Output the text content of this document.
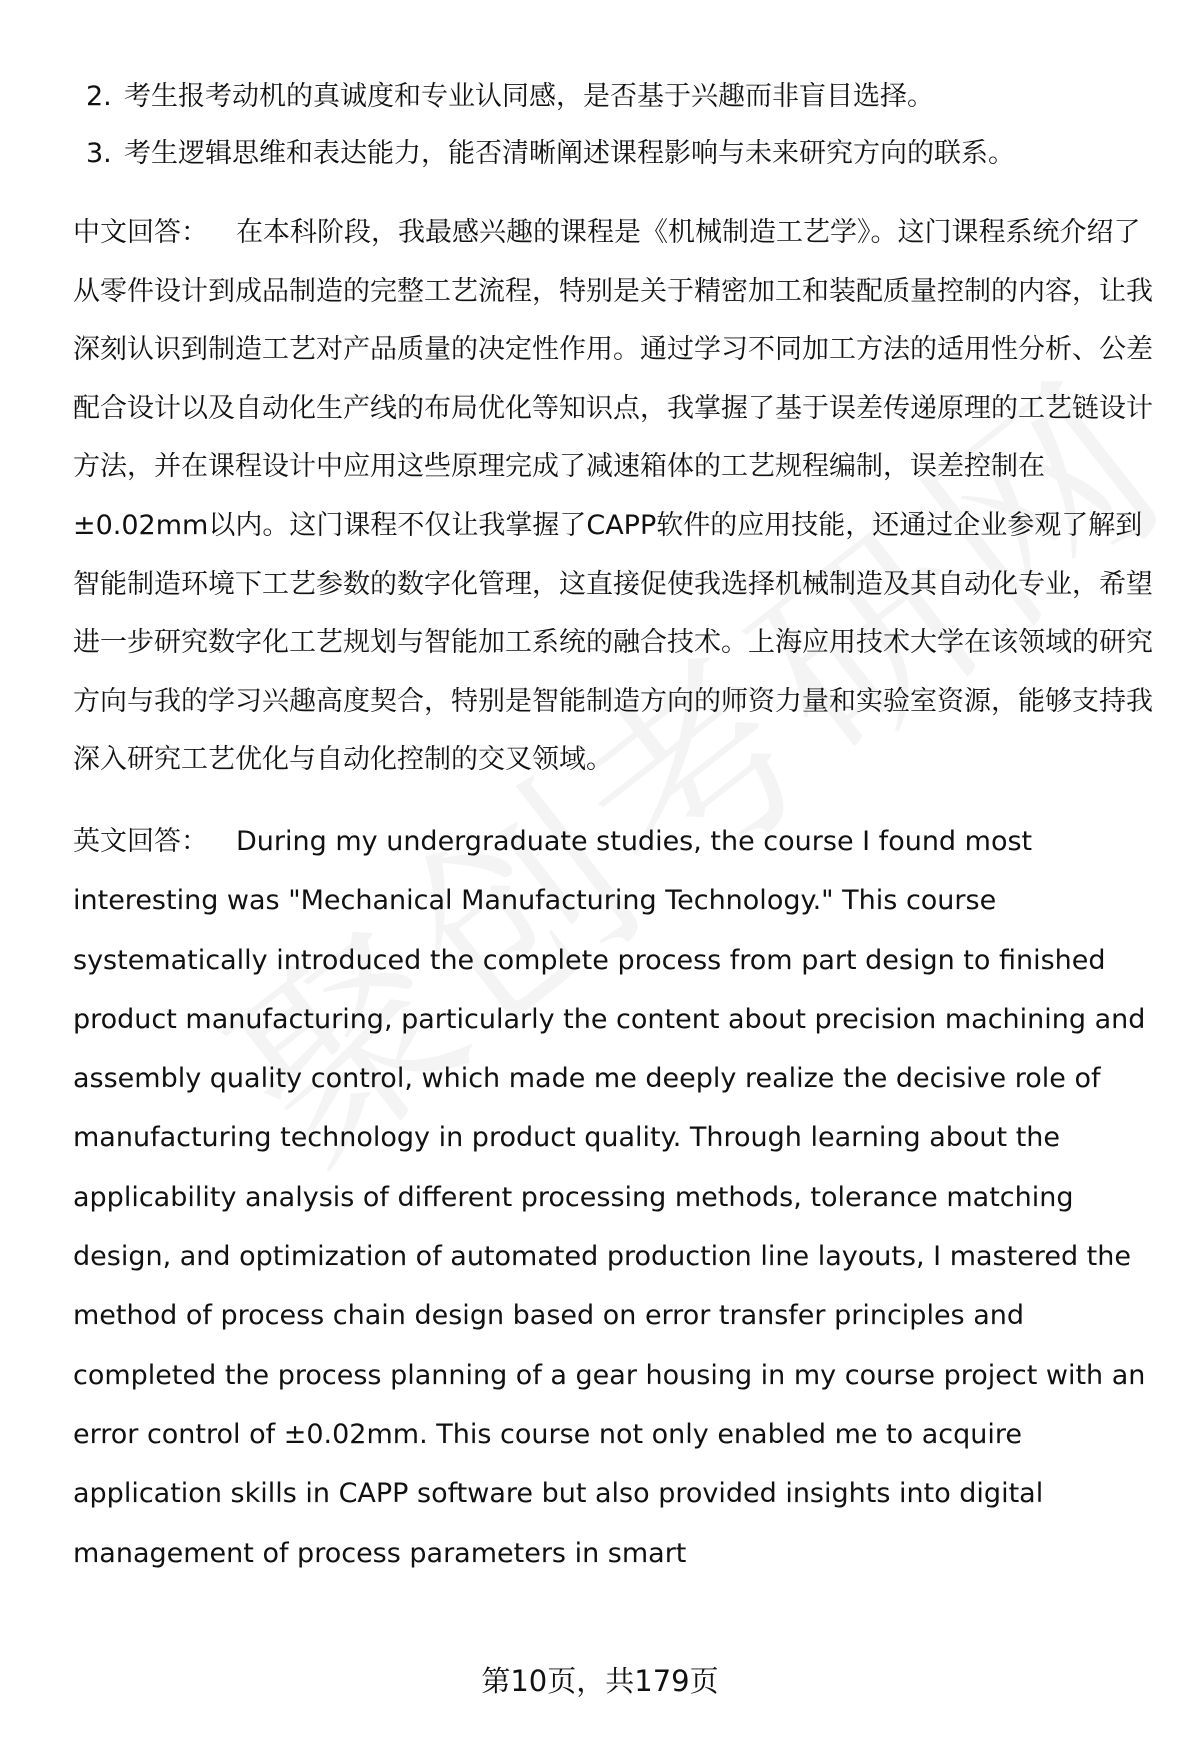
2. 考生报考动机的真诚度和专业认同感，是否基于兴趣而非盲目选择。
3. 考生逻辑思维和表达能力，能否清晰阐述课程影响与未来研究方向的联系。
中文回答： 在本科阶段，我最感兴趣的课程是《机械制造工艺学》。这门课程系统介绍了从零件设计到成品制造的完整工艺流程，特别是关于精密加工和装配质量控制的内容，让我深刻认识到制造工艺对产品质量的决定性作用。通过学习不同加工方法的适用性分析、公差配合设计以及自动化生产线的布局优化等知识点，我掌握了基于误差传递原理的工艺链设计方法，并在课程设计中应用这些原理完成了减速箱体的工艺规程编制，误差控制在±0.02mm以内。这门课程不仅让我掌握了CAPP软件的应用技能，还通过企业参观了解到智能制造环境下工艺参数的数字化管理，这直接促使我选择机械制造及其自动化专业，希望进一步研究数字化工艺规划与智能加工系统的融合技术。上海应用技术大学在该领域的研究方向与我的学习兴趣高度契合，特别是智能制造方向的师资力量和实验室资源，能够支持我深入研究工艺优化与自动化控制的交叉领域。
英文回答： During my undergraduate studies, the course I found most interesting was "Mechanical Manufacturing Technology." This course systematically introduced the complete process from part design to finished product manufacturing, particularly the content about precision machining and assembly quality control, which made me deeply realize the decisive role of manufacturing technology in product quality. Through learning about the applicability analysis of different processing methods, tolerance matching design, and optimization of automated production line layouts, I mastered the method of process chain design based on error transfer principles and completed the process planning of a gear housing in my course project with an error control of ±0.02mm. This course not only enabled me to acquire application skills in CAPP software but also provided insights into digital management of process parameters in smart
第10页，共179页
